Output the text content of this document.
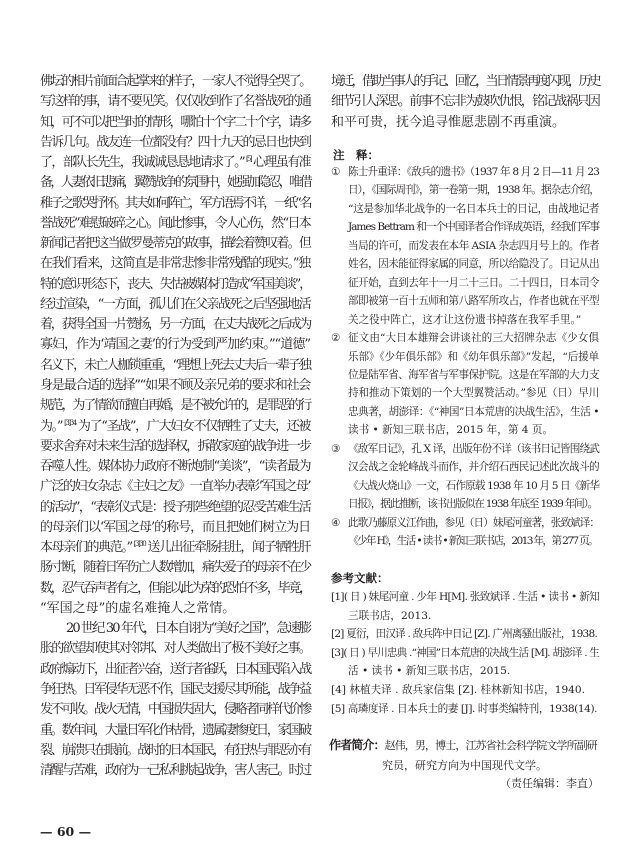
佛坛的相片前面合起掌来的样子，一家人不觉得全哭了。
写这样的事，请不要见笑。仅仅收到作了名誉战死的通
知，可不可以把当时的情形，哪怕十个字二十个字，请多
告诉几句。战友连一位都没有？四十九天的忌日也快到
了，部队长先生，我诚诚恳恳地请求了。” [5] 心理虽有准
备，人妻依旧悲痛，翼赞战争的氛围中，她强加隐忍，唯借
稚子之歌哭抒怀。其夫如何阵亡，军方语焉不详，一纸“名
誉战死”难慰破碎之心。闻此惨事，令人心伤，然“日本
新闻记者把这当做罗曼蒂克的故事，描绘着赞叹着。但
在我们看来，这简直是非常悲惨非常残酷的现实。”独
特的意识形态下，丧夫、失怙被媒体打造成“军国美谈”，
经过渲染，“一方面，孤儿们在父亲战死之后坚强地活
着，获得全国一片赞扬，另一方面，在丈夫战死之后成为
寡妇，作为‘靖国之妻’的行为受到严加约束。”“道德”
名义下，未亡人枷锁重重，“理想上死去丈夫后一辈子独
身是最合适的选择”“如果不顾及亲兄弟的要求和社会
规范，为了情欲而擅自再婚，是不被允许的，是罪恶的行
为。” $^{[3]34}$ 为了“圣战”，广大妇女不仅牺牲了丈夫，还被
要求舍弃对未来生活的选择权，拆散家庭的战争进一步
吞噬人性。媒体协力政府不断炮制“美谈”，“读者最为
广泛的妇女杂志《主妇之友》一直举办表彰‘军国之母’
的活动”，“表彰仪式是：授予那些绝望的忍受苦难生活
的母亲们以‘军国之母’的称号，而且把她们树立为日
本母亲们的典范。” $^{[3]30}$ 送儿出征牵肠挂肚，闻子牺牲肝
肠寸断，随着日军伤亡人数增加，痛失爱子的母亲不在少
数，忍气吞声者有之，但能以此为荣的恐怕不多，毕竟，
“军国之母”的虚名难掩人之常情。
20 世纪 30 年代，日本自诩为“美好之国”，急速膨
胀的欲望却使其对邻邦、对人类做出了极不美好之事。
政府煽动下，出征者兴奋，送行者雀跃，日本国民陷入战
争狂热。日军侵华无恶不作，国民支援尽其所能，战争益
发不可收。战火无情，中国损失固大，侵略者同样代价惨
重。数年间，大量日军化作枯骨，遗属凄惨度日，家国破
裂、崩溃只在眼前。战时的日本国民，有狂热与罪恶亦有
清醒与苦难，政府为一己私利挑起战争，害人害己。时过
境迁，借助当事人的手记、回忆，当日情景再度闪现，历史
细节引人深思。前事不忘非为鼓吹仇恨，铭记战祸只因
和平可贵，抚今追寻惟愿悲剧不再重演。
注　释：
① 陈士升重译：《敌兵的遗书》（1937 年 8 月 2 日—11 月 23
日），《国际周刊》，第一卷第一期，1938 年。据杂志介绍，
“这是参加华北战争的一名日本兵士的日记，由战地记者
James Bettram 和一个中国译者合作译成英语，经我们军事
当局的许可，而发表在本年 ASIA 杂志四月号上的。作者
姓名，因未能征得家属的同意，所以给隐没了。日记从出
征开始，直到去年十一月二十三日。二十四日，日本司令
部即被第一百十五师和第八路军所攻占，作者也就在平型
关之役中阵亡，这才让这份遗书掉落在我军手里。”
② 征文由“大日本雄辩会讲谈社的三大招牌杂志《少女俱
乐部》《少年俱乐部》和《幼年俱乐部》”发起，“后援单
位是陆军省、海军省与军事保护院。这是在军部的大力支
持和推动下策划的一个大型翼赞活动。”参见（日）早川
忠典著，胡澎译：《“神国”日本荒唐的决战生活》，生活 •
读书 • 新知三联书店，2015 年，第 4 页。
③ 《敌军日记》，孔 X 译，出版年份不详（该书日记皆围绕武
汉会战之金轮峰战斗而作，并介绍石西民记述此次战斗的
《大战火烧山》一文，石作原载 1938 年 10 月 5 日《新华
日报》，据此推断，该书出版似在 1938 年底至 1939 年间）。
④ 此歌乃藤原义江作曲，参见（日）妹尾河童著，张致斌译：
《少年 H》，生活 • 读书 • 新知三联书店，2013 年，第 277 页。
参考文献：
[1]( 日 ) 妹尾河童 . 少年 H[M]. 张致斌译 . 生活 • 读书 • 新知
三联书店，2013.
[2] 夏衍，田汉译 . 敌兵阵中日记 [Z]. 广州离骚出版社，1938.
[3]( 日 ) 早川忠典 .“神国”日本荒唐的决战生活 [M]. 胡澎译 . 生
活 • 读书 • 新知三联书店，2015.
[4] 林植夫译 . 敌兵家信集 [Z]. 桂林新知书店，1940.
[5] 高璘度译 . 日本兵士的妻 [J]. 时事类编特刊，1938(14).
作者简介：赵伟，男，博士，江苏省社会科学院文学所副研
究员，研究方向为中国现代文学。
（责任编辑：李直）
— 60 —
